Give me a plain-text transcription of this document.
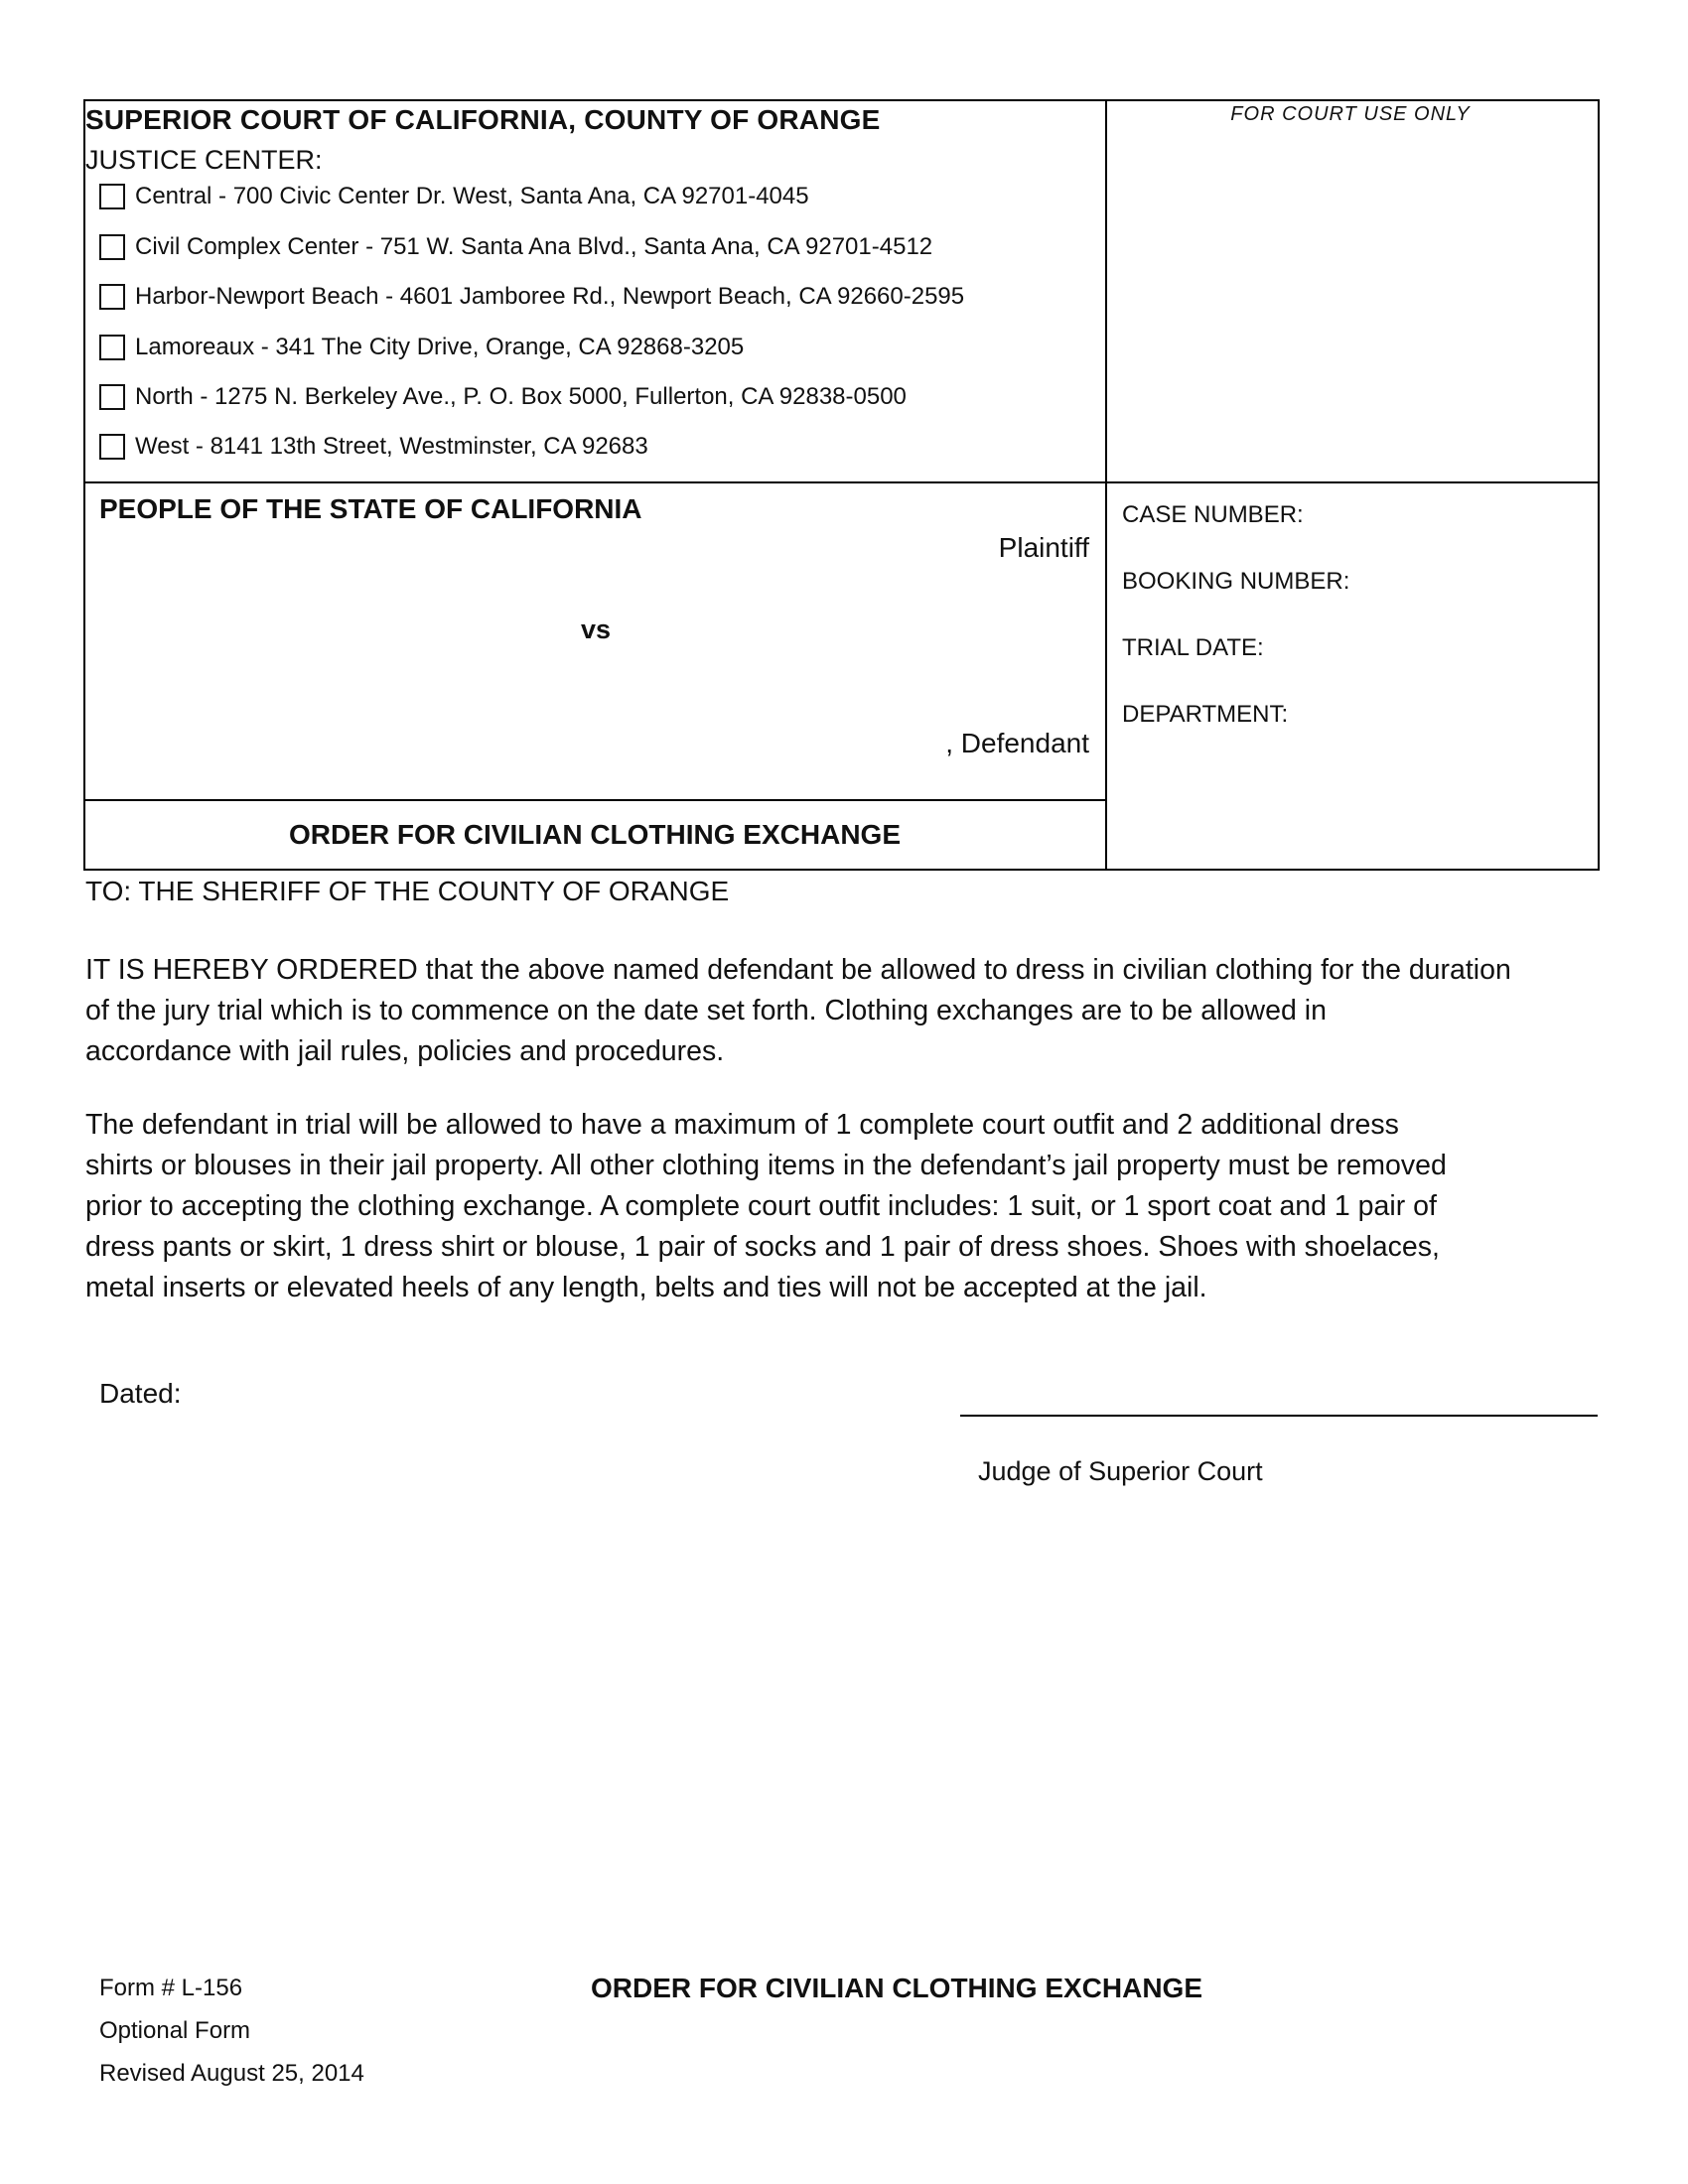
SUPERIOR COURT OF CALIFORNIA, COUNTY OF ORANGE
JUSTICE CENTER:
Central - 700 Civic Center Dr. West, Santa Ana, CA 92701-4045
Civil Complex Center - 751 W. Santa Ana Blvd., Santa Ana, CA 92701-4512
Harbor-Newport Beach - 4601 Jamboree Rd., Newport Beach, CA 92660-2595
Lamoreaux - 341 The City Drive, Orange, CA 92868-3205
North - 1275 N. Berkeley Ave., P. O. Box 5000, Fullerton, CA 92838-0500
West - 8141 13th Street, Westminster, CA 92683
FOR COURT USE ONLY
PEOPLE OF THE STATE OF CALIFORNIA
Plaintiff
vs
, Defendant
CASE NUMBER:
BOOKING NUMBER:
TRIAL DATE:
DEPARTMENT:
ORDER FOR CIVILIAN CLOTHING EXCHANGE
TO: THE SHERIFF OF THE COUNTY OF ORANGE
IT IS HEREBY ORDERED that the above named defendant be allowed to dress in civilian clothing for the duration
of the jury trial which is to commence on the date set forth. Clothing exchanges are to be allowed in
accordance with jail rules, policies and procedures.
The defendant in trial will be allowed to have a maximum of 1 complete court outfit and 2 additional dress
shirts or blouses in their jail property. All other clothing items in the defendant’s jail property must be removed
prior to accepting the clothing exchange. A complete court outfit includes: 1 suit, or 1 sport coat and 1 pair of
dress pants or skirt, 1 dress shirt or blouse, 1 pair of socks and 1 pair of dress shoes. Shoes with shoelaces,
metal inserts or elevated heels of any length, belts and ties will not be accepted at the jail.
Dated:
Judge of Superior Court
Form # L-156
Optional Form
Revised August 25, 2014
ORDER FOR CIVILIAN CLOTHING EXCHANGE
